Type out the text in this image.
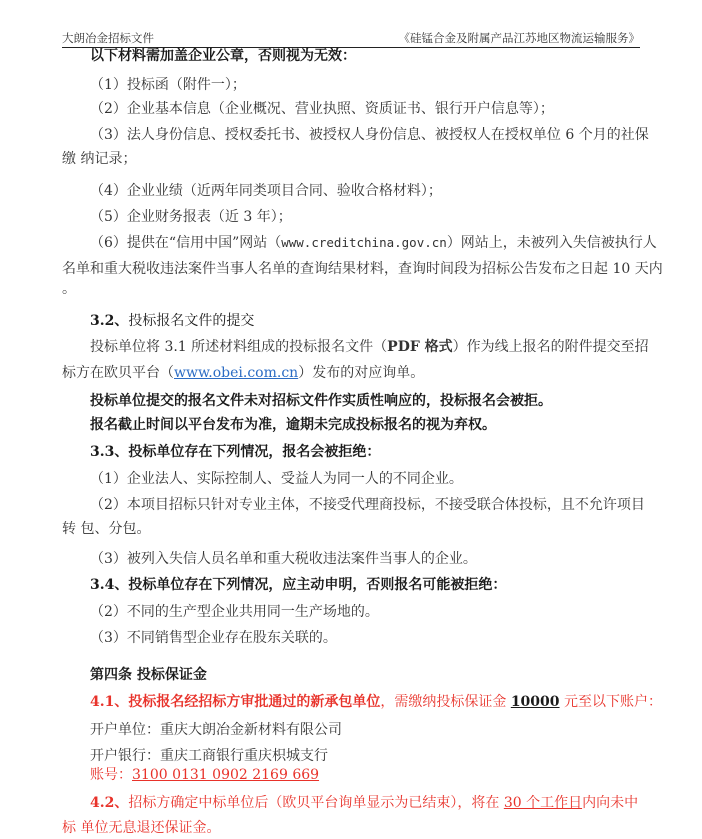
大朗冶金招标文件	《硅锰合金及附属产品江苏地区物流运输服务》
以下材料需加盖企业公章，否则视为无效：
（1）投标函（附件一）；
（2）企业基本信息（企业概况、营业执照、资质证书、银行开户信息等）；
（3）法人身份信息、授权委托书、被授权人身份信息、被授权人在授权单位 6 个月的社保
缴 纳记录；
（4）企业业绩（近两年同类项目合同、验收合格材料）；
（5）企业财务报表（近 3 年）；
（6）提供在“信用中国”网站（www.creditchina.gov.cn）网站上，未被列入失信被执行人
名单和重大税收违法案件当事人名单的查询结果材料，查询时间段为招标公告发布之日起 10 天内
。
3.2、投标报名文件的提交
投标单位将 3.1 所述材料组成的投标报名文件（PDF 格式）作为线上报名的附件提交至招
标方在欧贝平台（www.obei.com.cn）发布的对应询单。
投标单位提交的报名文件未对招标文件作实质性响应的，投标报名会被拒。
报名截止时间以平台发布为准，逾期未完成投标报名的视为弃权。
3.3、投标单位存在下列情况，报名会被拒绝：
（1）企业法人、实际控制人、受益人为同一人的不同企业。
（2）本项目招标只针对专业主体，不接受代理商投标，不接受联合体投标，且不允许项目
转 包、分包。
（3）被列入失信人员名单和重大税收违法案件当事人的企业。
3.4、投标单位存在下列情况，应主动申明，否则报名可能被拒绝：
（2）不同的生产型企业共用同一生产场地的。
（3）不同销售型企业存在股东关联的。
第四条 投标保证金
4.1、投标报名经招标方审批通过的新承包单位，需缴纳投标保证金 10000 元至以下账户：
开户单位：重庆大朗冶金新材料有限公司
开户银行：重庆工商银行重庆枳城支行
账号：3100 0131 0902 2169 669
4.2、招标方确定中标单位后（欧贝平台询单显示为已结束），将在 30 个工作日内向未中
标 单位无息退还保证金。
